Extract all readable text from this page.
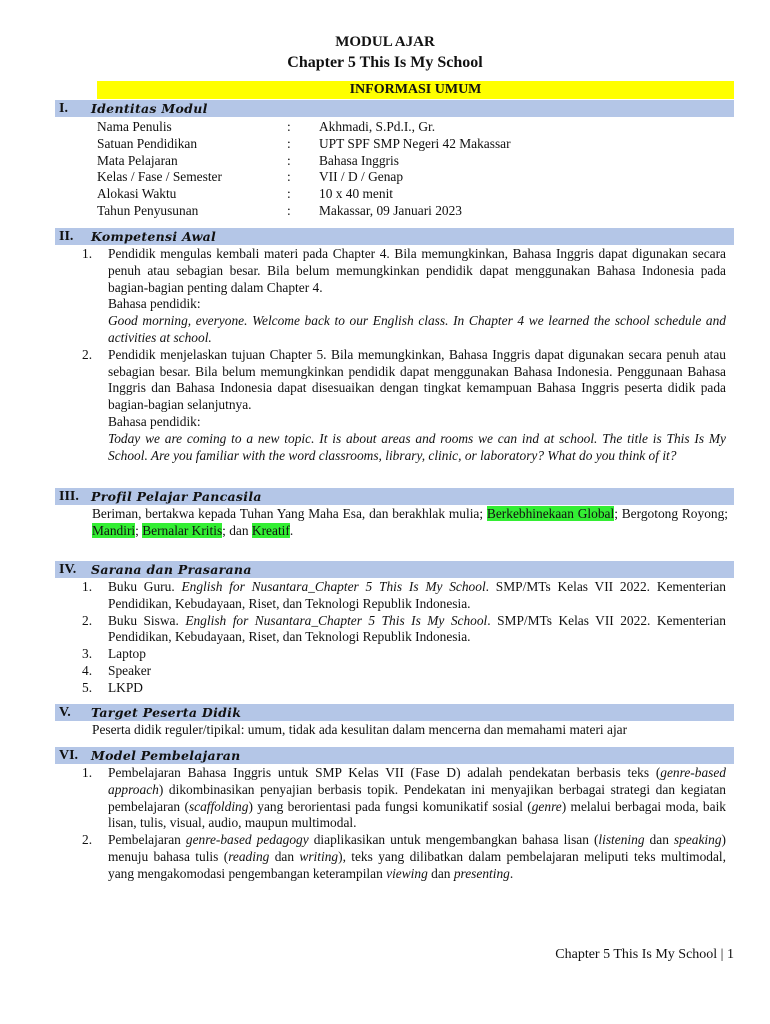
MODUL AJAR
Chapter 5 This Is My School
INFORMASI UMUM
I. Identitas Modul
Nama Penulis	: Akhmadi, S.Pd.I., Gr.
Satuan Pendidikan	: UPT SPF SMP Negeri 42 Makassar
Mata Pelajaran	: Bahasa Inggris
Kelas / Fase / Semester	: VII / D / Genap
Alokasi Waktu	: 10 x 40 menit
Tahun Penyusunan	: Makassar, 09 Januari 2023
II. Kompetensi Awal
1. Pendidik mengulas kembali materi pada Chapter 4. Bila memungkinkan, Bahasa Inggris dapat digunakan secara penuh atau sebagian besar. Bila belum memungkinkan pendidik dapat menggunakan Bahasa Indonesia pada bagian-bagian penting dalam Chapter 4.
Bahasa pendidik:
Good morning, everyone. Welcome back to our English class. In Chapter 4 we learned the school schedule and activities at school.
2. Pendidik menjelaskan tujuan Chapter 5. Bila memungkinkan, Bahasa Inggris dapat digunakan secara penuh atau sebagian besar. Bila belum memungkinkan pendidik dapat menggunakan Bahasa Indonesia. Penggunaan Bahasa Inggris dan Bahasa Indonesia dapat disesuaikan dengan tingkat kemampuan Bahasa Inggris peserta didik pada bagian-bagian selanjutnya.
Bahasa pendidik:
Today we are coming to a new topic. It is about areas and rooms we can ind at school. The title is This Is My School. Are you familiar with the word classrooms, library, clinic, or laboratory? What do you think of it?
III. Profil Pelajar Pancasila
Beriman, bertakwa kepada Tuhan Yang Maha Esa, dan berakhlak mulia; Berkebhinekaan Global; Bergotong Royong; Mandiri; Bernalar Kritis; dan Kreatif.
IV. Sarana dan Prasarana
1. Buku Guru. English for Nusantara_Chapter 5 This Is My School. SMP/MTs Kelas VII 2022. Kementerian Pendidikan, Kebudayaan, Riset, dan Teknologi Republik Indonesia.
2. Buku Siswa. English for Nusantara_Chapter 5 This Is My School. SMP/MTs Kelas VII 2022. Kementerian Pendidikan, Kebudayaan, Riset, dan Teknologi Republik Indonesia.
3. Laptop
4. Speaker
5. LKPD
V. Target Peserta Didik
Peserta didik reguler/tipikal: umum, tidak ada kesulitan dalam mencerna dan memahami materi ajar
VI. Model Pembelajaran
1. Pembelajaran Bahasa Inggris untuk SMP Kelas VII (Fase D) adalah pendekatan berbasis teks (genre-based approach) dikombinasikan penyajian berbasis topik. Pendekatan ini menyajikan berbagai strategi dan kegiatan pembelajaran (scaffolding) yang berorientasi pada fungsi komunikatif sosial (genre) melalui berbagai moda, baik lisan, tulis, visual, audio, maupun multimodal.
2. Pembelajaran genre-based pedagogy diaplikasikan untuk mengembangkan bahasa lisan (listening dan speaking) menuju bahasa tulis (reading dan writing), teks yang dilibatkan dalam pembelajaran meliputi teks multimodal, yang mengakomodasi pengembangan keterampilan viewing dan presenting.
Chapter 5 This Is My School | 1
